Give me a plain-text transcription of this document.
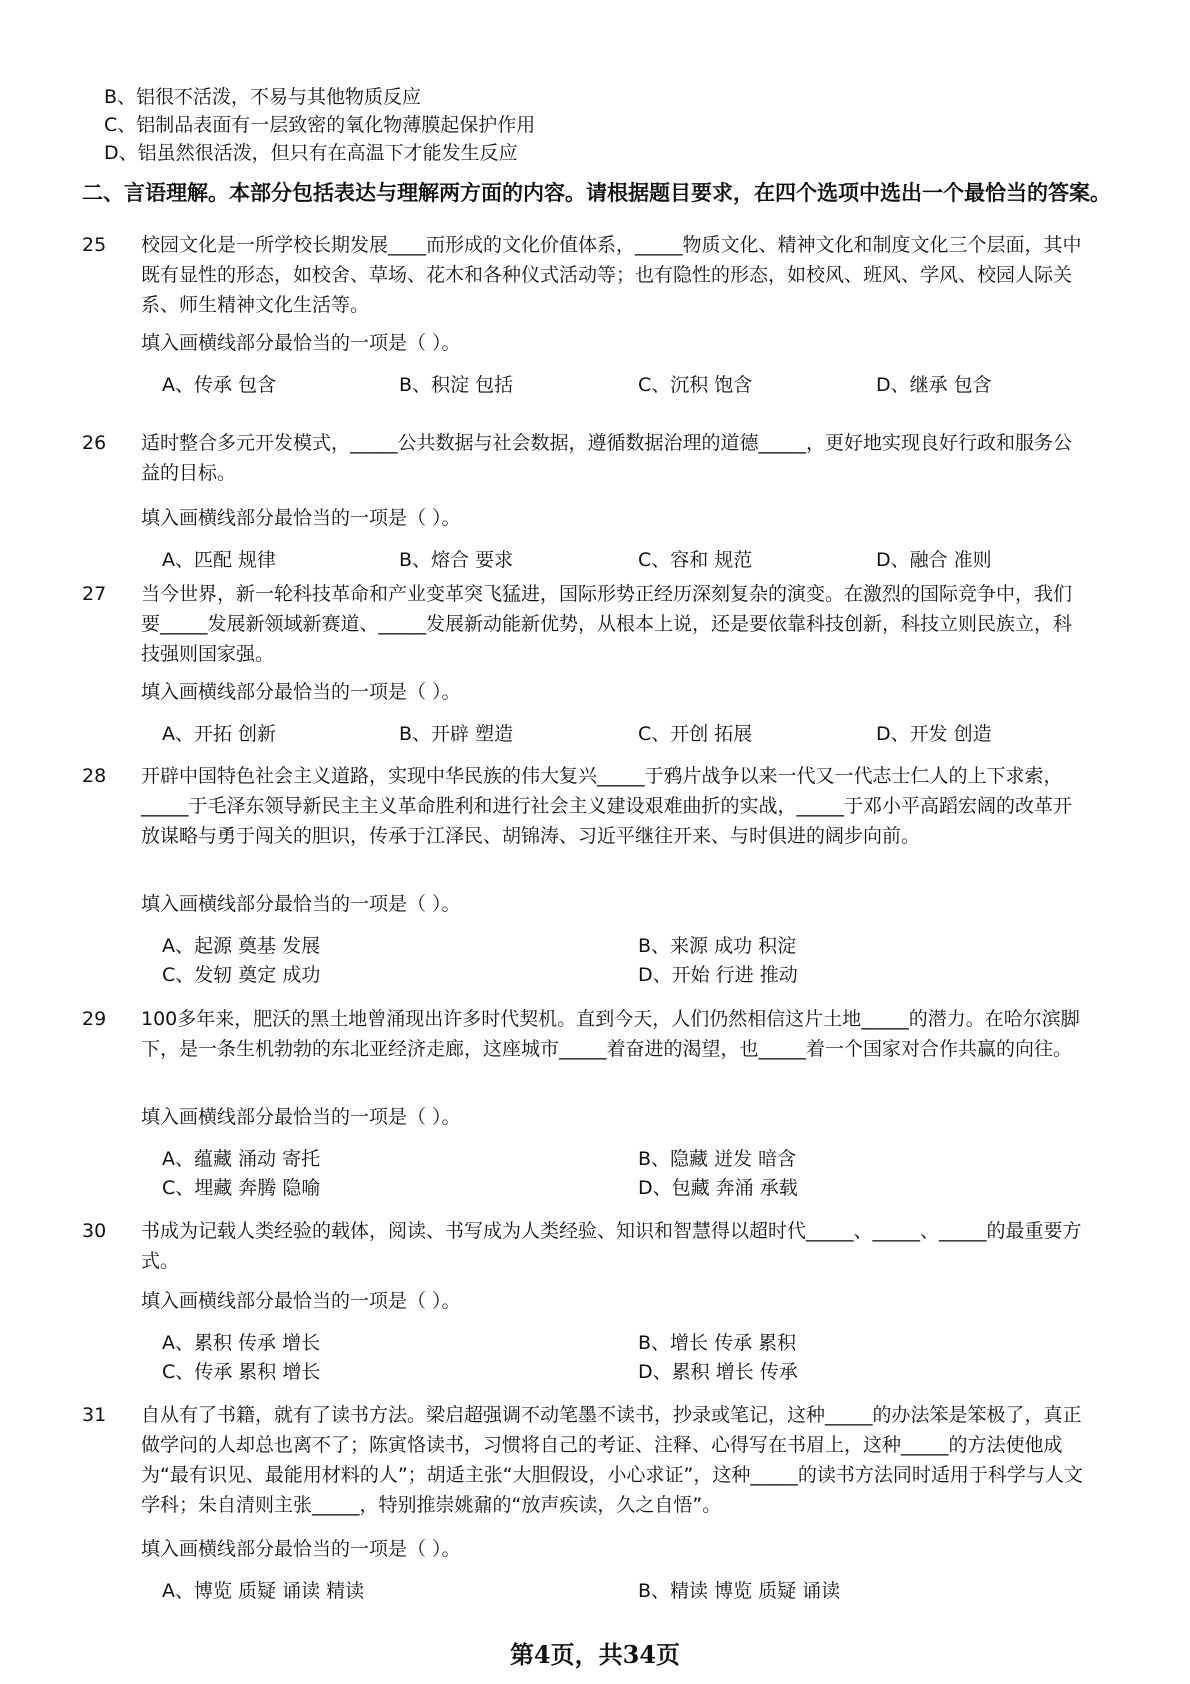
B、铝很不活泼，不易与其他物质反应
C、铝制品表面有一层致密的氧化物薄膜起保护作用
D、铝虽然很活泼，但只有在高温下才能发生反应
二、言语理解。本部分包括表达与理解两方面的内容。请根据题目要求，在四个选项中选出一个最恰当的答案。
25 校园文化是一所学校长期发展____而形成的文化价值体系，_____物质文化、精神文化和制度文化三个层面，其中既有显性的形态，如校舍、草场、花木和各种仪式活动等；也有隐性的形态，如校风、班风、学风、校园人际关系、师生精神文化生活等。
填入画横线部分最恰当的一项是（ ）。
A、传承 包含	B、积淀 包括	C、沉积 饱含	D、继承 包含
26 适时整合多元开发模式，_____公共数据与社会数据，遵循数据治理的道德_____，更好地实现良好行政和服务公益的目标。
填入画横线部分最恰当的一项是（ ）。
A、匹配 规律	B、熔合 要求	C、容和 规范	D、融合 准则
27 当今世界，新一轮科技革命和产业变革突飞猛进，国际形势正经历深刻复杂的演变。在激烈的国际竞争中，我们要_____发展新领域新赛道、_____发展新动能新优势，从根本上说，还是要依靠科技创新，科技立则民族立，科技强则国家强。
填入画横线部分最恰当的一项是（ ）。
A、开拓 创新	B、开辟 塑造	C、开创 拓展	D、开发 创造
28 开辟中国特色社会主义道路，实现中华民族的伟大复兴_____于鸦片战争以来一代又一代志士仁人的上下求索，_____于毛泽东领导新民主主义革命胜利和进行社会主义建设艰难曲折的实战，_____于邓小平高蹈宏阔的改革开放谋略与勇于闯关的胆识，传承于江泽民、胡锦涛、习近平继往开来、与时俱进的阔步向前。
填入画横线部分最恰当的一项是（ ）。
A、起源 奠基 发展	B、来源 成功 积淀
C、发轫 奠定 成功	D、开始 行进 推动
29 100多年来，肥沃的黑土地曾涌现出许多时代契机。直到今天，人们仍然相信这片土地_____的潜力。在哈尔滨脚下，是一条生机勃勃的东北亚经济走廊，这座城市_____着奋进的渴望，也_____着一个国家对合作共赢的向往。
填入画横线部分最恰当的一项是（ ）。
A、蕴藏 涌动 寄托	B、隐藏 迸发 暗含
C、埋藏 奔腾 隐喻	D、包藏 奔涌 承载
30 书成为记载人类经验的载体，阅读、书写成为人类经验、知识和智慧得以超时代_____、_____、_____的最重要方式。
填入画横线部分最恰当的一项是（ ）。
A、累积 传承 增长	B、增长 传承 累积
C、传承 累积 增长	D、累积 增长 传承
31 自从有了书籍，就有了读书方法。梁启超强调不动笔墨不读书，抄录或笔记，这种_____的办法笨是笨极了，真正做学问的人却总也离不了；陈寅恪读书，习惯将自己的考证、注释、心得写在书眉上，这种_____的方法使他成为“最有识见、最能用材料的人”；胡适主张“大胆假设，小心求证”，这种_____的读书方法同时适用于科学与人文学科；朱自清则主张_____，特别推崇姚鼐的“放声疾读，久之自悟”。
填入画横线部分最恰当的一项是（ ）。
A、博览 质疑 诵读 精读	B、精读 博览 质疑 诵读
第4页，共34页
